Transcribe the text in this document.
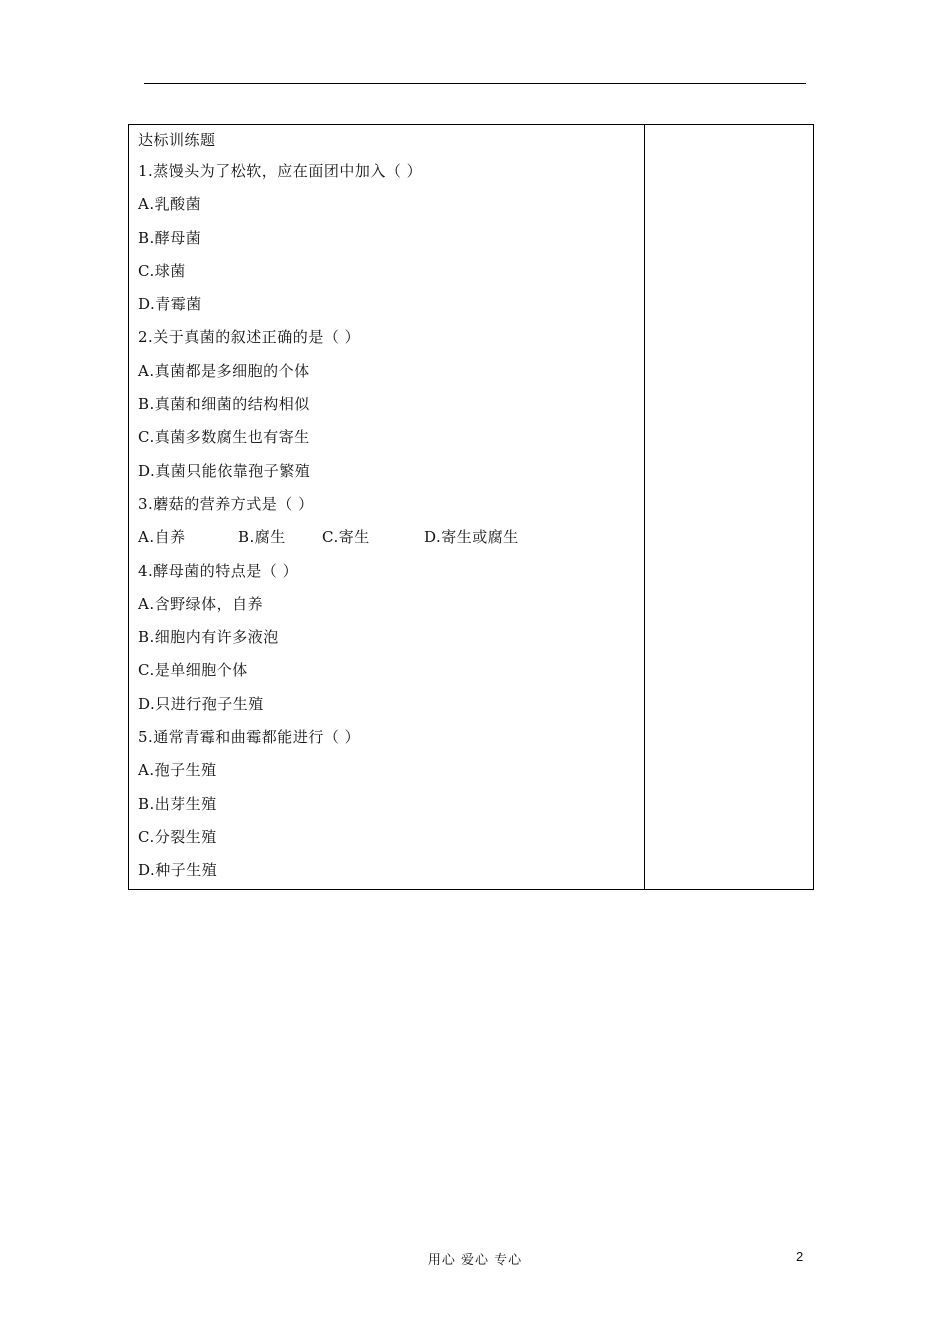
达标训练题
1.蒸馒头为了松软，应在面团中加入（ ）
A.乳酸菌
B.酵母菌
C.球菌
D.青霉菌
2.关于真菌的叙述正确的是（ ）
A.真菌都是多细胞的个体
B.真菌和细菌的结构相似
C.真菌多数腐生也有寄生
D.真菌只能依靠孢子繁殖
3.蘑菇的营养方式是（ ）
A.自养	B.腐生 C.寄生	D.寄生或腐生
4.酵母菌的特点是（ ）
A.含野绿体，自养
B.细胞内有许多液泡
C.是单细胞个体
D.只进行孢子生殖
5.通常青霉和曲霉都能进行（ ）
A.孢子生殖
B.出芽生殖
C.分裂生殖
D.种子生殖
用心 爱心 专心	2
